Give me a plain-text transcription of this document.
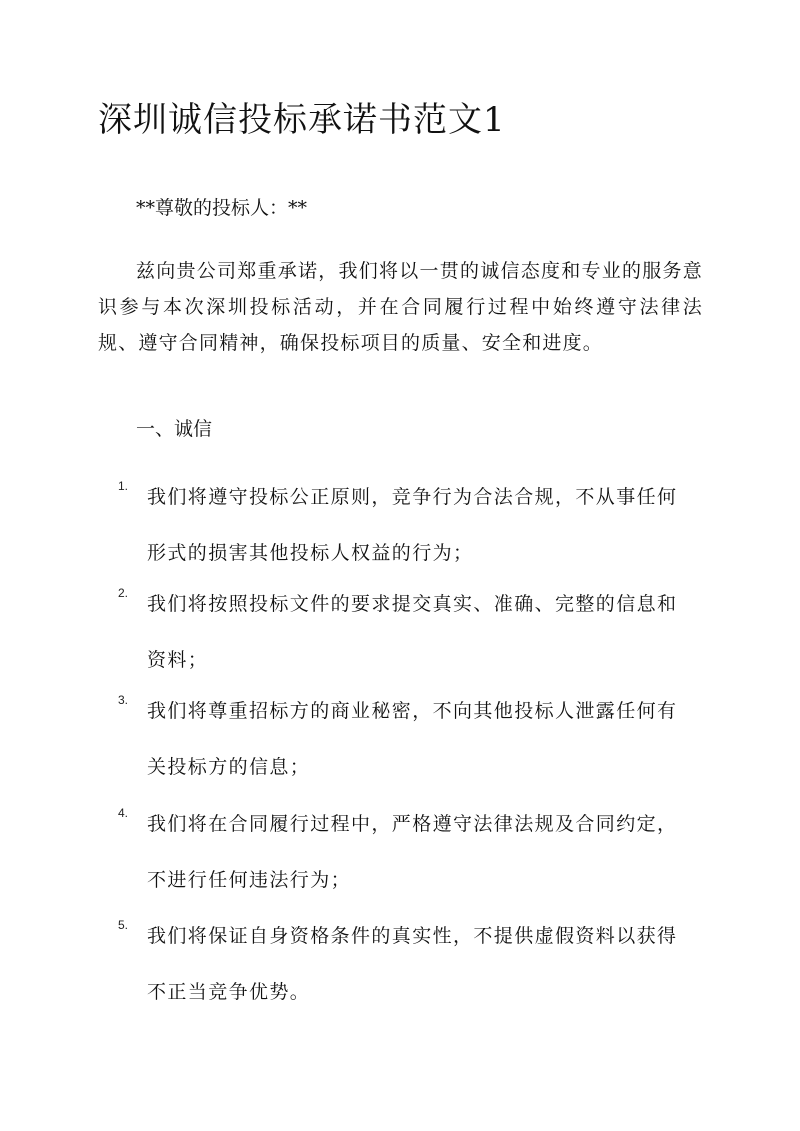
深圳诚信投标承诺书范文1
**尊敬的投标人：**

兹向贵公司郑重承诺，我们将以一贯的诚信态度和专业的服务意识参与本次深圳投标活动，并在合同履行过程中始终遵守法律法规、遵守合同精神，确保投标项目的质量、安全和进度。

一、诚信
1. 我们将遵守投标公正原则，竞争行为合法合规，不从事任何形式的损害其他投标人权益的行为；

2. 我们将按照投标文件的要求提交真实、准确、完整的信息和资料；

3. 我们将尊重招标方的商业秘密，不向其他投标人泄露任何有关投标方的信息；

4. 我们将在合同履行过程中，严格遵守法律法规及合同约定，不进行任何违法行为；

5. 我们将保证自身资格条件的真实性，不提供虚假资料以获得不正当竞争优势。
